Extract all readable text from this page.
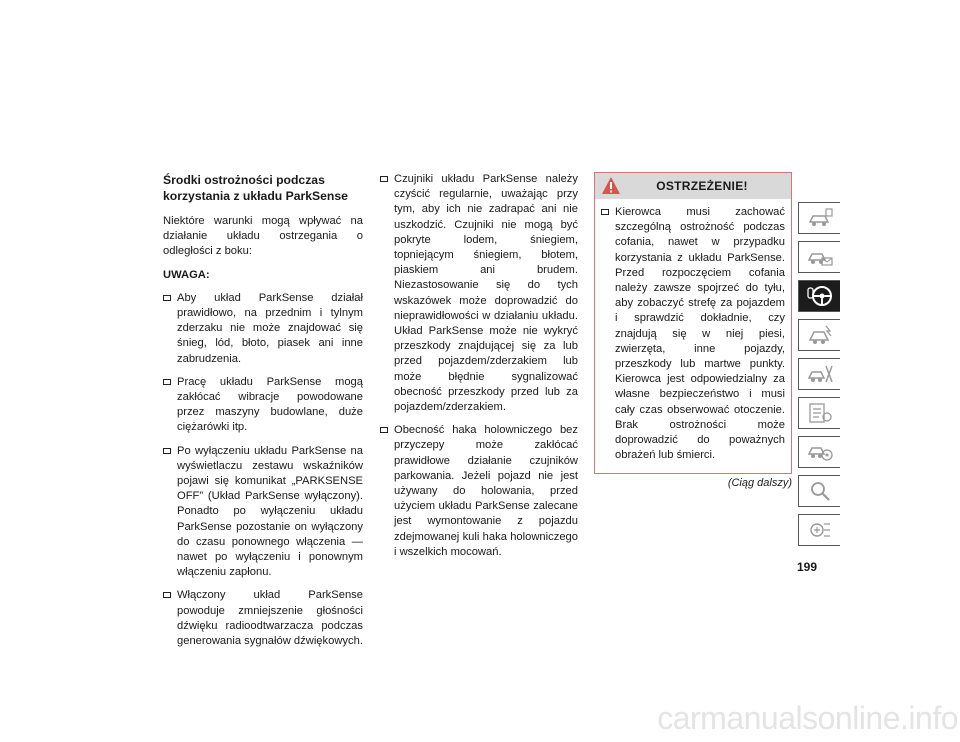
Środki ostrożności podczas
korzystania z układu ParkSense

Niektóre warunki mogą wpływać na działanie układu ostrzegania o odległości z boku:

UWAGA:
Aby układ ParkSense działał prawidłowo, na przednim i tylnym zderzaku nie może znajdować się śnieg, lód, błoto, piasek ani inne zabrudzenia.
Pracę układu ParkSense mogą zakłócać wibracje powodowane przez maszyny budowlane, duże ciężarówki itp.
Po wyłączeniu układu ParkSense na wyświetlaczu zestawu wskaźników pojawi się komunikat „PARKSENSE OFF” (Układ ParkSense wyłączony). Ponadto po wyłączeniu układu ParkSense pozostanie on wyłączony do czasu ponownego włączenia — nawet po wyłączeniu i ponownym włączeniu zapłonu.
Włączony układ ParkSense powoduje zmniejszenie głośności dźwięku radioodtwarzacza podczas generowania sygnałów dźwiękowych.
Czujniki układu ParkSense należy czyścić regularnie, uważając przy tym, aby ich nie zadrapać ani nie uszkodzić. Czujniki nie mogą być pokryte lodem, śniegiem, topniejącym śniegiem, błotem, piaskiem ani brudem. Niezastosowanie się do tych wskazówek może doprowadzić do nieprawidłowości w działaniu układu. Układ ParkSense może nie wykryć przeszkody znajdującej się za lub przed pojazdem/zderzakiem lub może błędnie sygnalizować obecność przeszkody przed lub za pojazdem/zderzakiem.
Obecność haka holowniczego bez przyczepy może zakłócać prawidłowe działanie czujników parkowania. Jeżeli pojazd nie jest używany do holowania, przed użyciem układu ParkSense zalecane jest wymontowanie z pojazdu zdejmowanej kuli haka holowniczego i wszelkich mocowań.
OSTRZEŻENIE!
Kierowca musi zachować szczególną ostrożność podczas cofania, nawet w przypadku korzystania z układu ParkSense. Przed rozpoczęciem cofania należy zawsze spojrzeć do tyłu, aby zobaczyć strefę za pojazdem i sprawdzić dokładnie, czy znajdują się w niej piesi, zwierzęta, inne pojazdy, przeszkody lub martwe punkty. Kierowca jest odpowiedzialny za własne bezpieczeństwo i musi cały czas obserwować otoczenie. Brak ostrożności może doprowadzić do poważnych obrażeń lub śmierci.
(Ciąg dalszy)
199
carmanualsonline.info
